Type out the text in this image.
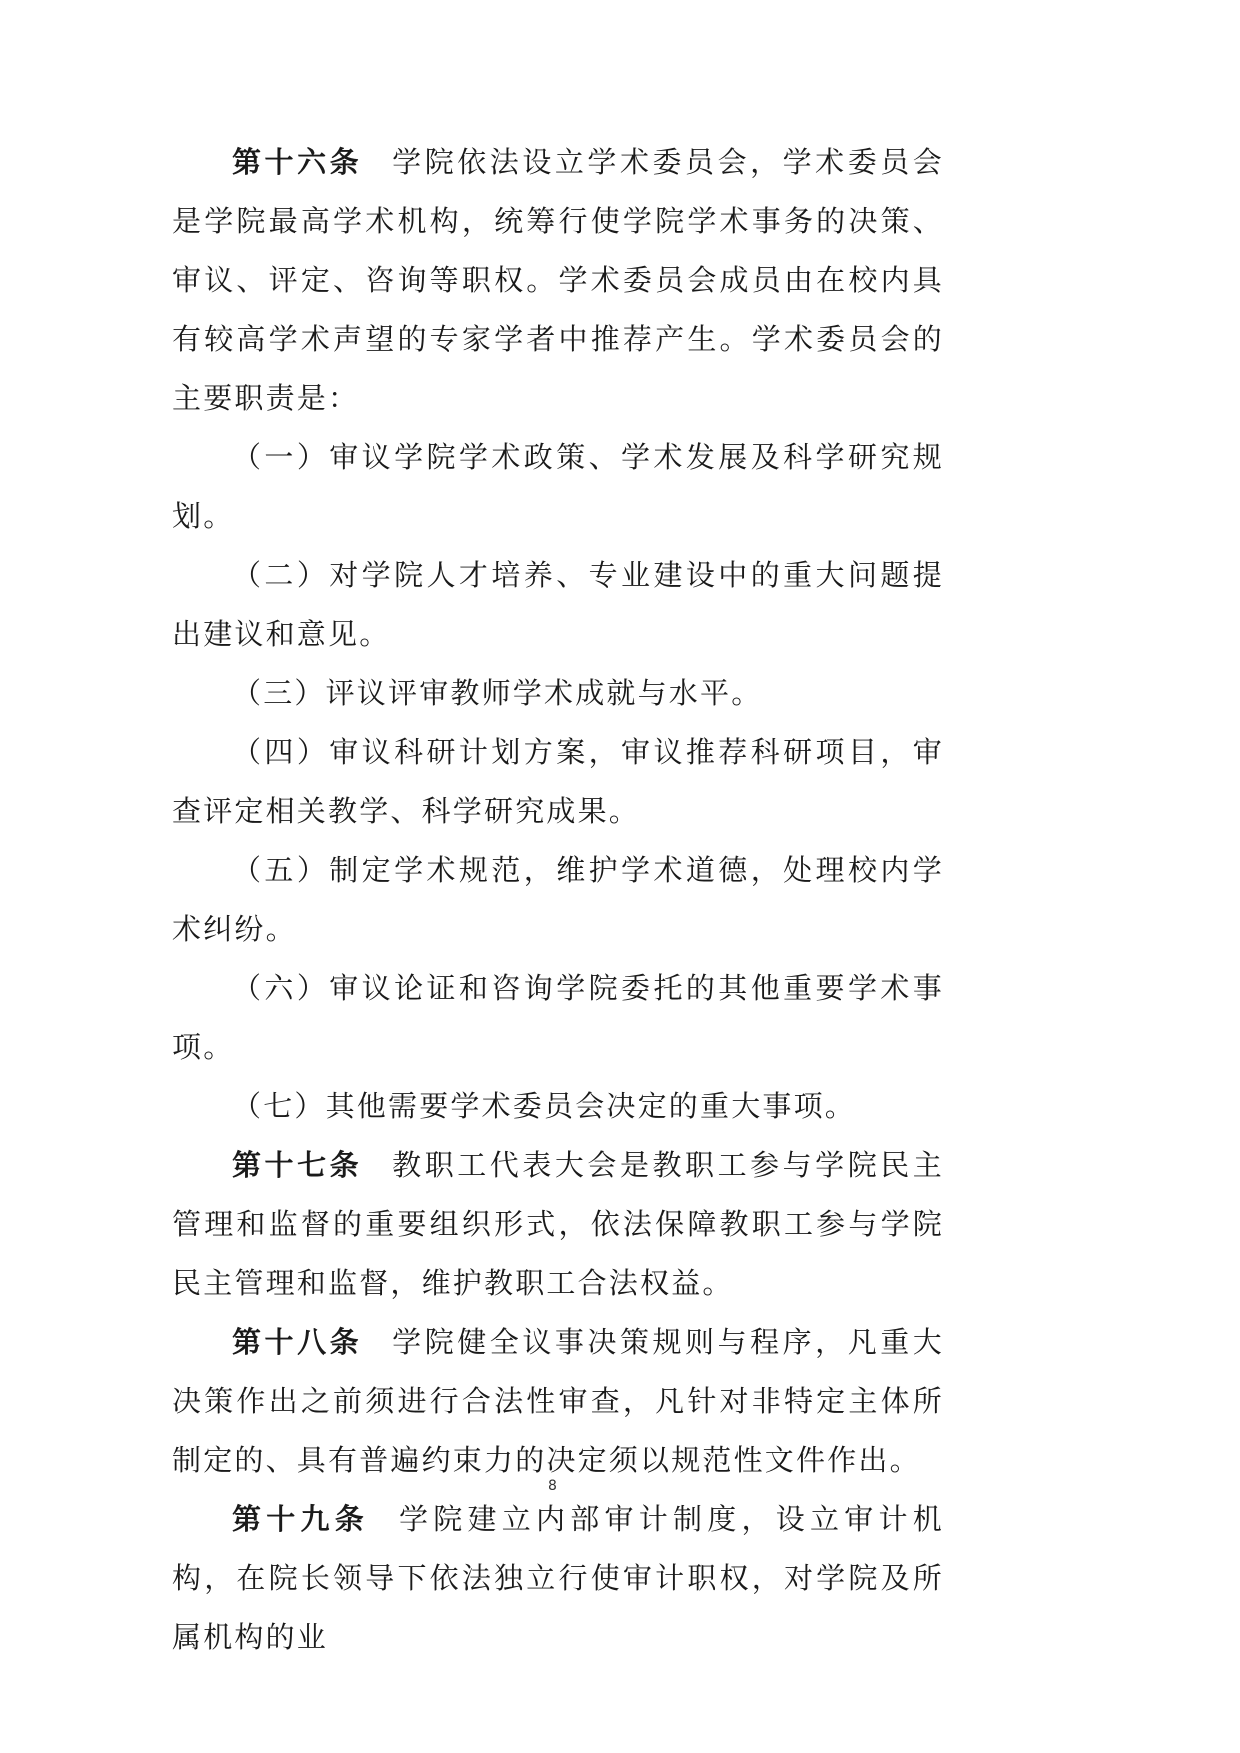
第十六条 学院依法设立学术委员会，学术委员会是学院最高学术机构，统筹行使学院学术事务的决策、审议、评定、咨询等职权。学术委员会成员由在校内具有较高学术声望的专家学者中推荐产生。学术委员会的主要职责是：

（一）审议学院学术政策、学术发展及科学研究规划。

（二）对学院人才培养、专业建设中的重大问题提出建议和意见。

（三）评议评审教师学术成就与水平。

（四）审议科研计划方案，审议推荐科研项目，审查评定相关教学、科学研究成果。

（五）制定学术规范，维护学术道德，处理校内学术纠纷。

（六）审议论证和咨询学院委托的其他重要学术事项。

（七）其他需要学术委员会决定的重大事项。

第十七条 教职工代表大会是教职工参与学院民主管理和监督的重要组织形式，依法保障教职工参与学院民主管理和监督，维护教职工合法权益。

第十八条 学院健全议事决策规则与程序，凡重大决策作出之前须进行合法性审查，凡针对非特定主体所制定的、具有普遍约束力的决定须以规范性文件作出。

第十九条 学院建立内部审计制度，设立审计机构，在院长领导下依法独立行使审计职权，对学院及所属机构的业

8
